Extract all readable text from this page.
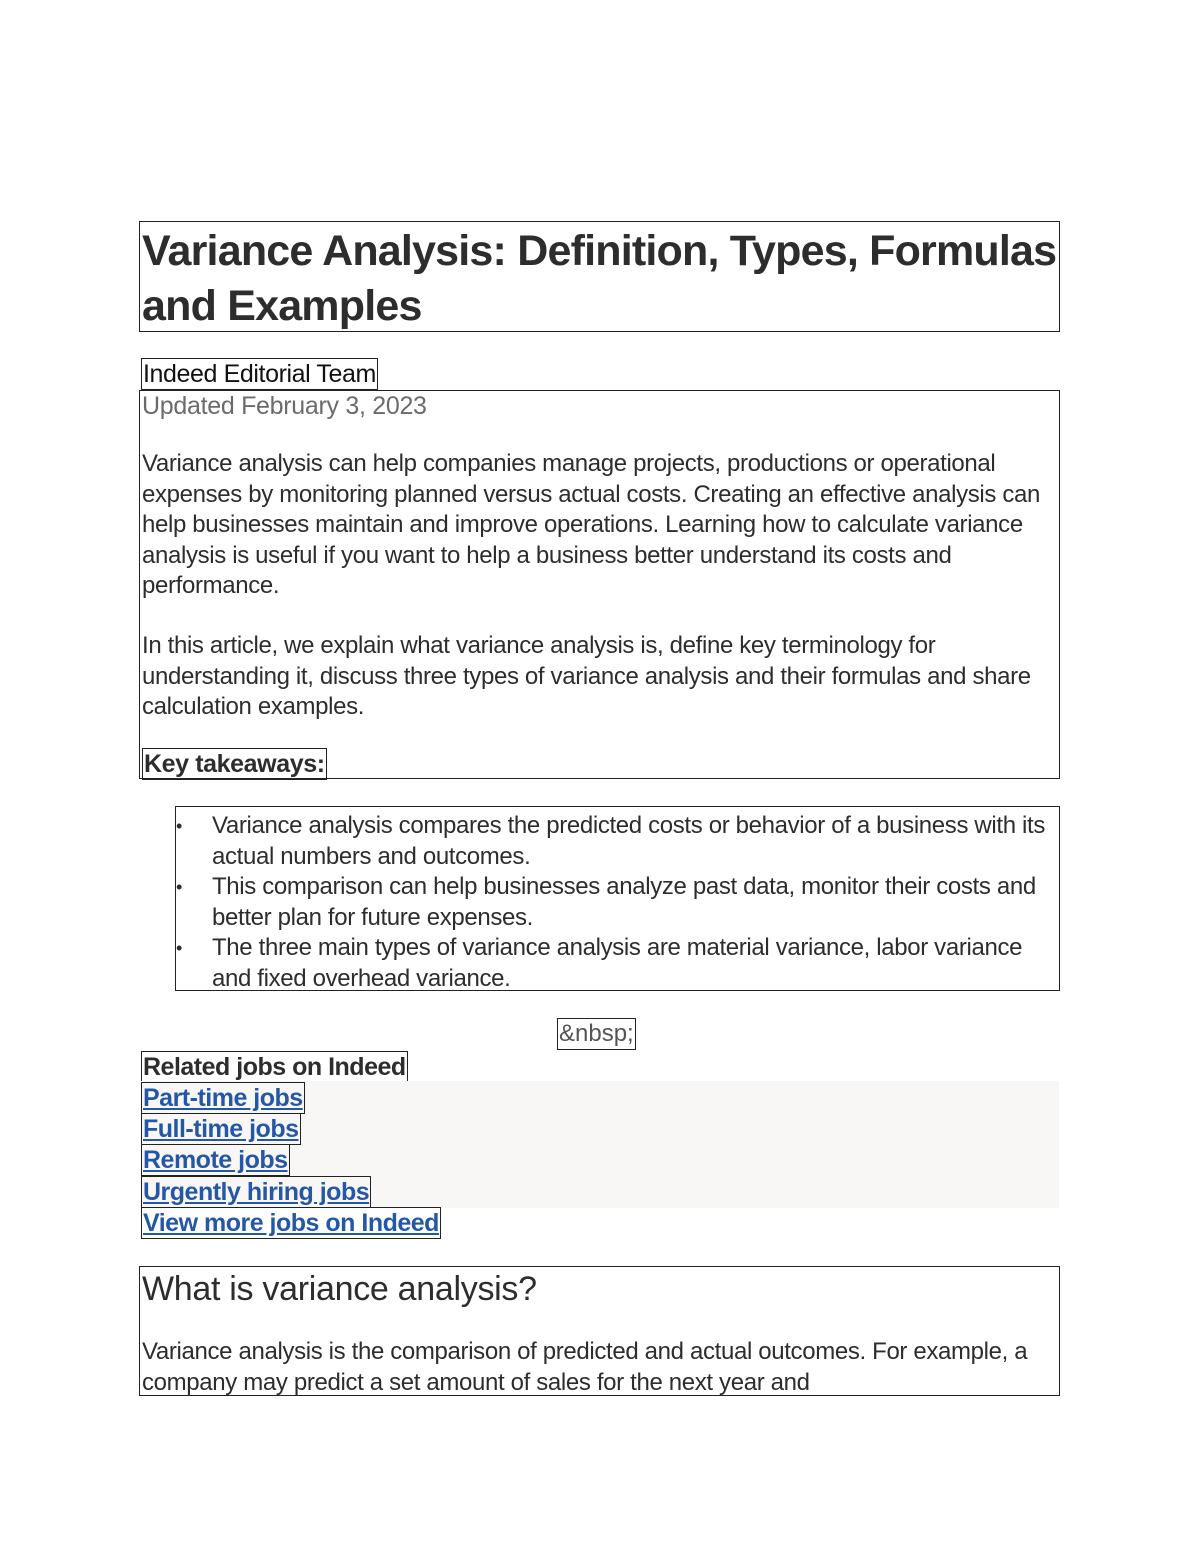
Variance Analysis: Definition, Types, Formulas and Examples
Indeed Editorial Team
Updated February 3, 2023

Variance analysis can help companies manage projects, productions or operational expenses by monitoring planned versus actual costs. Creating an effective analysis can help businesses maintain and improve operations. Learning how to calculate variance analysis is useful if you want to help a business better understand its costs and performance.

In this article, we explain what variance analysis is, define key terminology for understanding it, discuss three types of variance analysis and their formulas and share calculation examples.

Key takeaways:
• Variance analysis compares the predicted costs or behavior of a business with its actual numbers and outcomes.
• This comparison can help businesses analyze past data, monitor their costs and better plan for future expenses.
• The three main types of variance analysis are material variance, labor variance and fixed overhead variance.
&nbsp;
Related jobs on Indeed
Part-time jobs
Full-time jobs
Remote jobs
Urgently hiring jobs
View more jobs on Indeed
What is variance analysis?

Variance analysis is the comparison of predicted and actual outcomes. For example, a company may predict a set amount of sales for the next year and
